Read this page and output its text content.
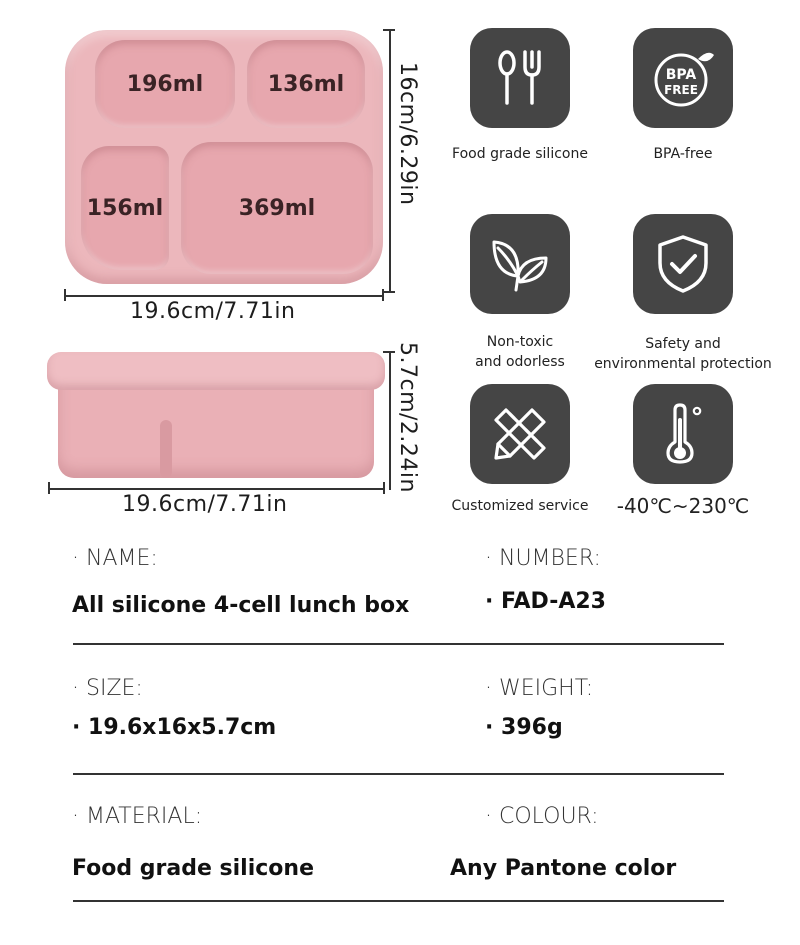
196ml	136ml
156ml	369ml
19.6cm/7.71in
16cm/6.29in
19.6cm/7.71in
5.7cm/2.24in
Food grade silicone
BPA
FREE
BPA-free
Non-toxic
and odorless
Safety and
environmental protection
Customized service	-40℃~230℃
· NAME:
All silicone 4-cell lunch box
· NUMBER:
· FAD-A23
· SIZE:
· 19.6x16x5.7cm
· WEIGHT:
· 396g
· MATERIAL:
Food grade silicone
· COLOUR:
Any Pantone color
